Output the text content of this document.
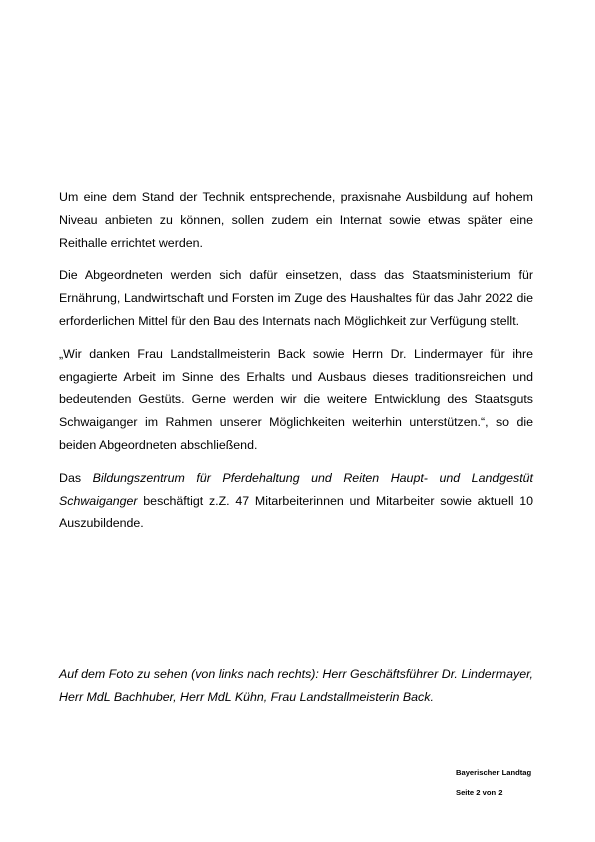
Um eine dem Stand der Technik entsprechende, praxisnahe Ausbildung auf hohem Niveau anbieten zu können, sollen zudem ein Internat sowie etwas später eine Reithalle errichtet werden.

Die Abgeordneten werden sich dafür einsetzen, dass das Staatsministerium für Ernährung, Landwirtschaft und Forsten im Zuge des Haushaltes für das Jahr 2022 die erforderlichen Mittel für den Bau des Internats nach Möglichkeit zur Verfügung stellt.

„Wir danken Frau Landstallmeisterin Back sowie Herrn Dr. Lindermayer für ihre engagierte Arbeit im Sinne des Erhalts und Ausbaus dieses traditionsreichen und bedeutenden Gestüts. Gerne werden wir die weitere Entwicklung des Staatsguts Schwaiganger im Rahmen unserer Möglichkeiten weiterhin unterstützen.“, so die beiden Abgeordneten abschließend.

Das Bildungszentrum für Pferdehaltung und Reiten Haupt- und Landgestüt Schwaiganger beschäftigt z.Z. 47 Mitarbeiterinnen und Mitarbeiter sowie aktuell 10 Auszubildende.

Auf dem Foto zu sehen (von links nach rechts): Herr Geschäftsführer Dr. Lindermayer, Herr MdL Bachhuber, Herr MdL Kühn, Frau Landstallmeisterin Back.

Bayerischer Landtag
Seite 2 von 2
